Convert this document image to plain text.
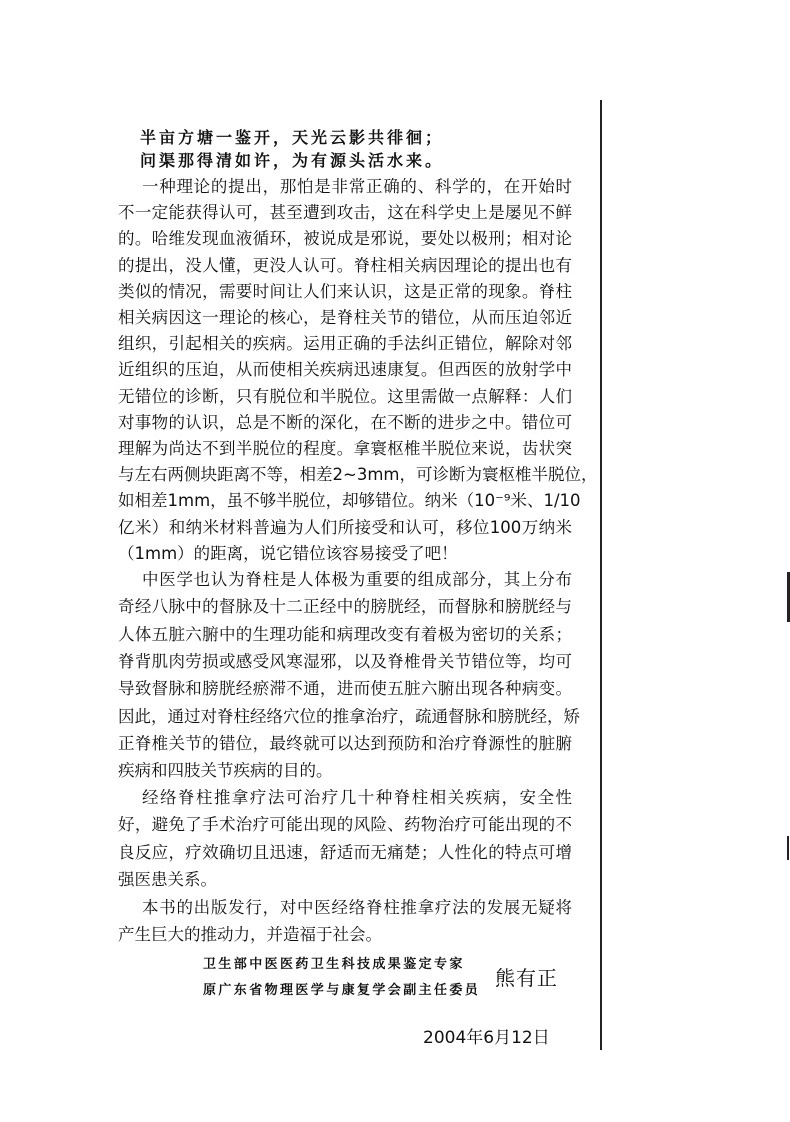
半亩方塘一鉴开，天光云影共徘徊；
问渠那得清如许，为有源头活水来。
一种理论的提出，那怕是非常正确的、科学的，在开始时
不一定能获得认可，甚至遭到攻击，这在科学史上是屡见不鲜
的。哈维发现血液循环，被说成是邪说，要处以极刑；相对论
的提出，没人懂，更没人认可。脊柱相关病因理论的提出也有
类似的情况，需要时间让人们来认识，这是正常的现象。脊柱
相关病因这一理论的核心，是脊柱关节的错位，从而压迫邻近
组织，引起相关的疾病。运用正确的手法纠正错位，解除对邻
近组织的压迫，从而使相关疾病迅速康复。但西医的放射学中
无错位的诊断，只有脱位和半脱位。这里需做一点解释：人们
对事物的认识，总是不断的深化，在不断的进步之中。错位可
理解为尚达不到半脱位的程度。拿寰枢椎半脱位来说，齿状突
与左右两侧块距离不等，相差2~3mm，可诊断为寰枢椎半脱位，
如相差1mm，虽不够半脱位，却够错位。纳米（10⁻⁹米、1/10
亿米）和纳米材料普遍为人们所接受和认可，移位100万纳米
（1mm）的距离，说它错位该容易接受了吧！
中医学也认为脊柱是人体极为重要的组成部分，其上分布
奇经八脉中的督脉及十二正经中的膀胱经，而督脉和膀胱经与
人体五脏六腑中的生理功能和病理改变有着极为密切的关系；
脊背肌肉劳损或感受风寒湿邪，以及脊椎骨关节错位等，均可
导致督脉和膀胱经瘀滞不通，进而使五脏六腑出现各种病变。
因此，通过对脊柱经络穴位的推拿治疗，疏通督脉和膀胱经，矫
正脊椎关节的错位，最终就可以达到预防和治疗脊源性的脏腑
疾病和四肢关节疾病的目的。
经络脊柱推拿疗法可治疗几十种脊柱相关疾病，安全性
好，避免了手术治疗可能出现的风险、药物治疗可能出现的不
良反应，疗效确切且迅速，舒适而无痛楚；人性化的特点可增
强医患关系。
本书的出版发行，对中医经络脊柱推拿疗法的发展无疑将
产生巨大的推动力，并造福于社会。
卫生部中医医药卫生科技成果鉴定专家
原广东省物理医学与康复学会副主任委员
熊有正
2004年6月12日
